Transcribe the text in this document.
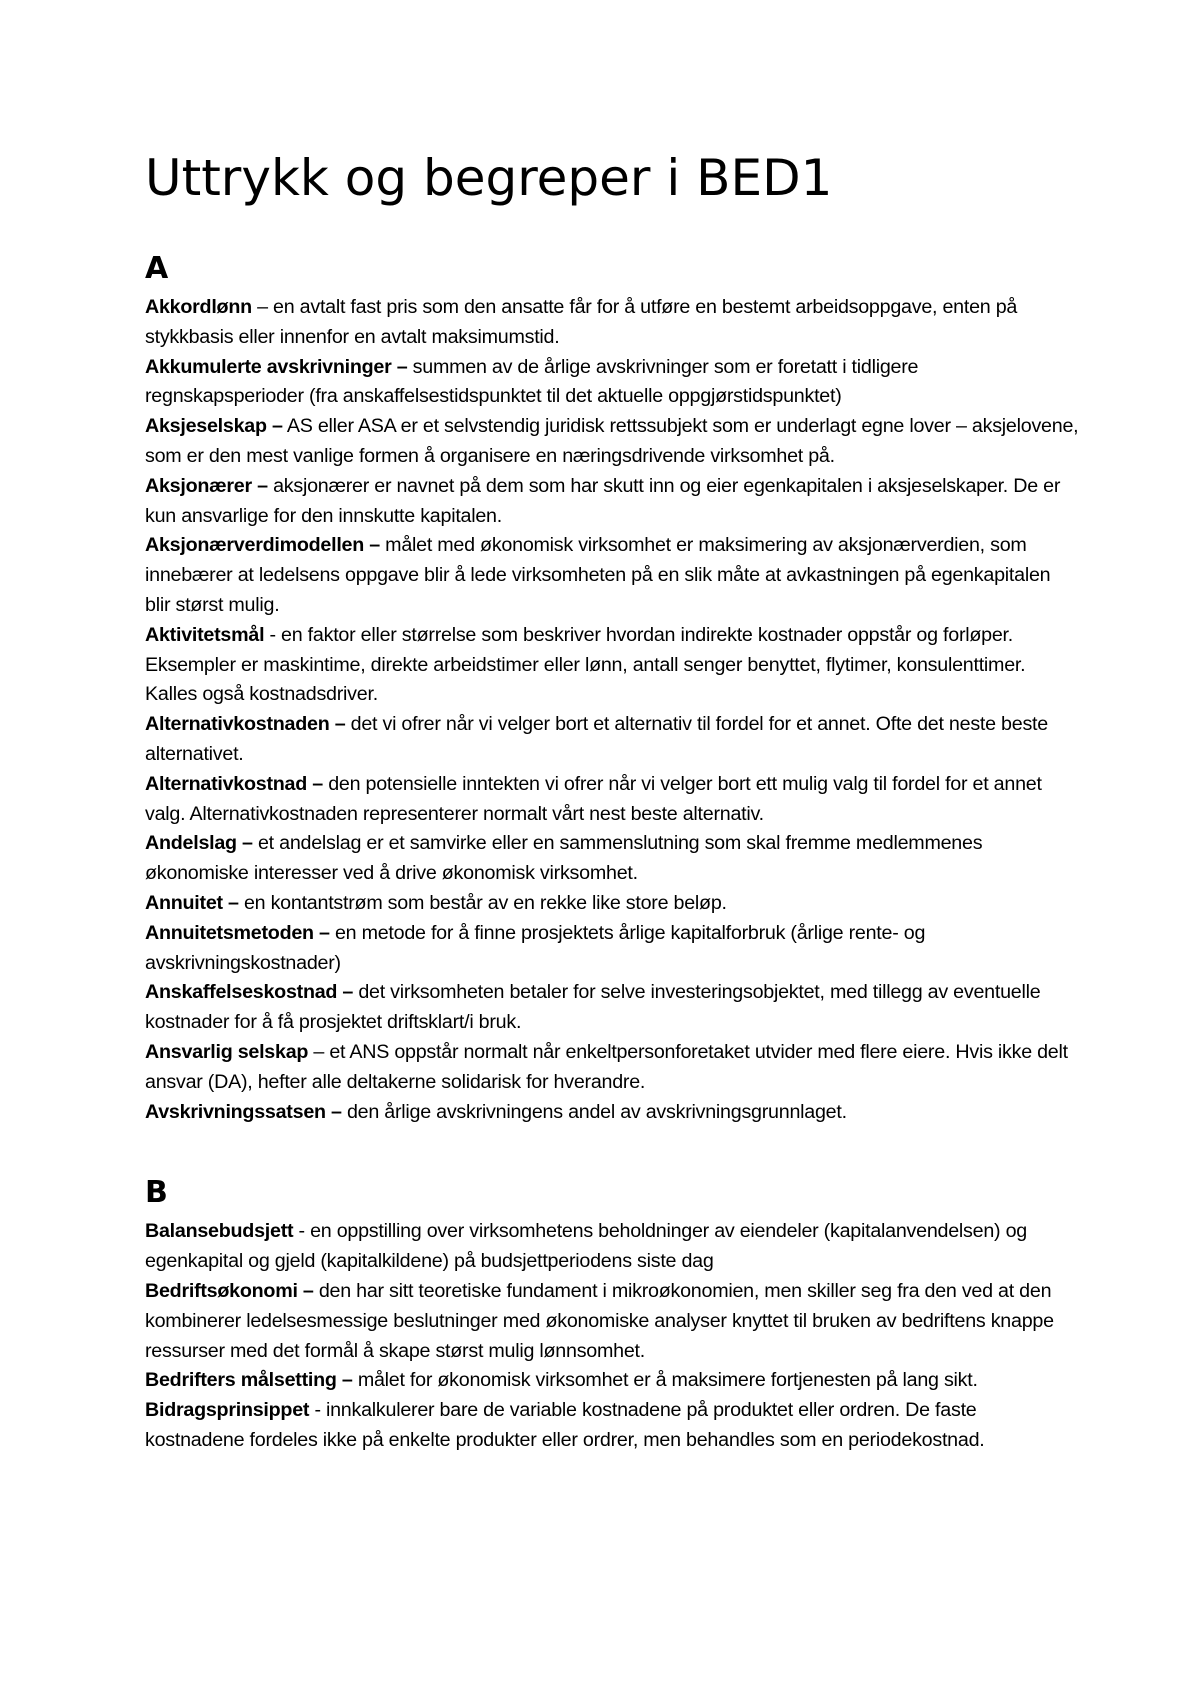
Uttrykk og begreper i BED1
A

Akkordlønn – en avtalt fast pris som den ansatte får for å utføre en bestemt arbeidsoppgave, enten på stykkbasis eller innenfor en avtalt maksimumstid.

Akkumulerte avskrivninger – summen av de årlige avskrivninger som er foretatt i tidligere regnskapsperioder (fra anskaffelsestidspunktet til det aktuelle oppgjørstidspunktet)

Aksjeselskap – AS eller ASA er et selvstendig juridisk rettssubjekt som er underlagt egne lover – aksjelovene, som er den mest vanlige formen å organisere en næringsdrivende virksomhet på.

Aksjonærer – aksjonærer er navnet på dem som har skutt inn og eier egenkapitalen i aksjeselskaper. De er kun ansvarlige for den innskutte kapitalen.

Aksjonærverdimodellen – målet med økonomisk virksomhet er maksimering av aksjonærverdien, som innebærer at ledelsens oppgave blir å lede virksomheten på en slik måte at avkastningen på egenkapitalen blir størst mulig.

Aktivitetsmål - en faktor eller størrelse som beskriver hvordan indirekte kostnader oppstår og forløper. Eksempler er maskintime, direkte arbeidstimer eller lønn, antall senger benyttet, flytimer, konsulenttimer. Kalles også kostnadsdriver.

Alternativkostnaden – det vi ofrer når vi velger bort et alternativ til fordel for et annet. Ofte det neste beste alternativet.

Alternativkostnad – den potensielle inntekten vi ofrer når vi velger bort ett mulig valg til fordel for et annet valg. Alternativkostnaden representerer normalt vårt nest beste alternativ.

Andelslag – et andelslag er et samvirke eller en sammenslutning som skal fremme medlemmenes økonomiske interesser ved å drive økonomisk virksomhet.

Annuitet – en kontantstrøm som består av en rekke like store beløp.

Annuitetsmetoden – en metode for å finne prosjektets årlige kapitalforbruk (årlige rente- og avskrivningskostnader)

Anskaffelseskostnad – det virksomheten betaler for selve investeringsobjektet, med tillegg av eventuelle kostnader for å få prosjektet driftsklart/i bruk.

Ansvarlig selskap – et ANS oppstår normalt når enkeltpersonforetaket utvider med flere eiere. Hvis ikke delt ansvar (DA), hefter alle deltakerne solidarisk for hverandre.

Avskrivningssatsen – den årlige avskrivningens andel av avskrivningsgrunnlaget.

B

Balansebudsjett - en oppstilling over virksomhetens beholdninger av eiendeler (kapitalanvendelsen) og egenkapital og gjeld (kapitalkildene) på budsjettperiodens siste dag

Bedriftsøkonomi – den har sitt teoretiske fundament i mikroøkonomien, men skiller seg fra den ved at den kombinerer ledelsesmessige beslutninger med økonomiske analyser knyttet til bruken av bedriftens knappe ressurser med det formål å skape størst mulig lønnsomhet.

Bedrifters målsetting – målet for økonomisk virksomhet er å maksimere fortjenesten på lang sikt.

Bidragsprinsippet - innkalkulerer bare de variable kostnadene på produktet eller ordren. De faste kostnadene fordeles ikke på enkelte produkter eller ordrer, men behandles som en periodekostnad.
